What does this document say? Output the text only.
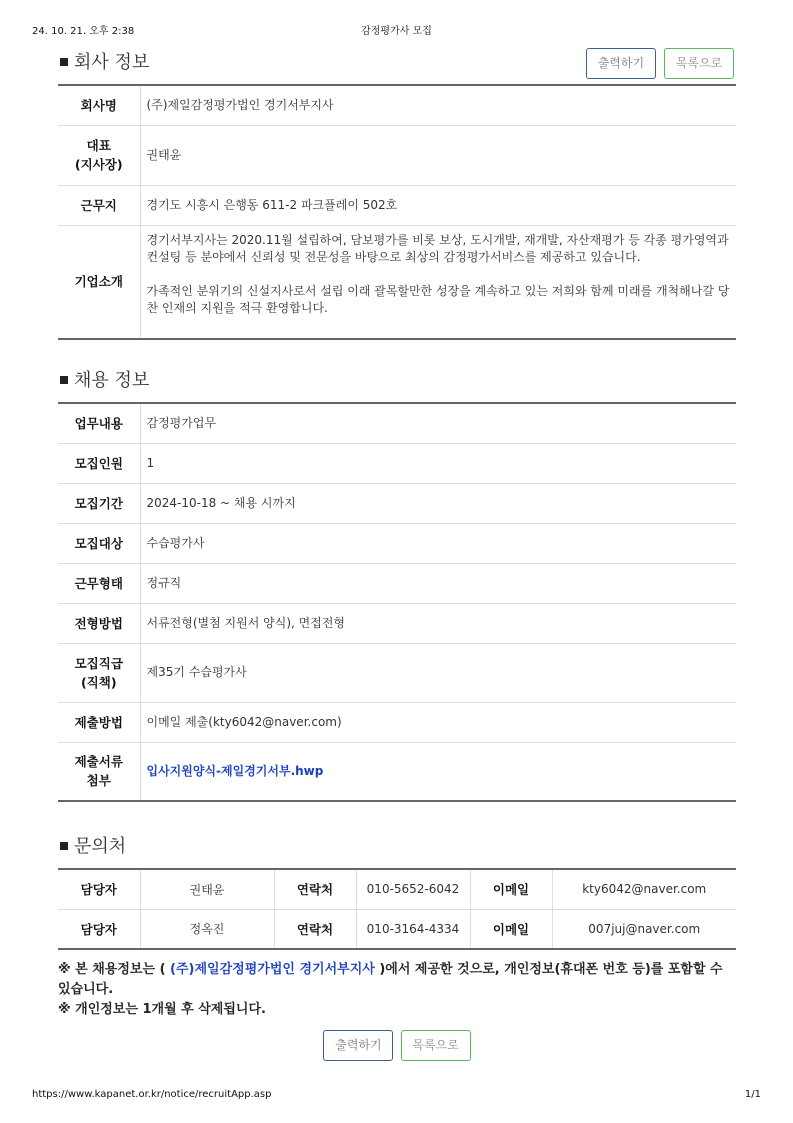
24. 10. 21. 오후 2:38	감정평가사 모집
회사 정보	출력하기	목록으로
회사명	(주)제일감정평가법인 경기서부지사
대표
(지사장)	권태윤
근무지	경기도 시흥시 은행동 611-2 파크플레이 502호
기업소개	경기서부지사는 2020.11월 설립하여, 담보평가를 비롯 보상, 도시개발, 재개발, 자산재평가 등 각종 평가영역과 컨설팅 등 분야에서 신뢰성 및 전문성을 바탕으로 최상의 감정평가서비스를 제공하고 있습니다.

가족적인 분위기의 신설지사로서 설립 이래 괄목할만한 성장을 계속하고 있는 저희와 함께 미래를 개척해나갈 당찬 인재의 지원을 적극 환영합니다.

채용 정보
업무내용	감정평가업무
모집인원	1
모집기간	2024-10-18 ~ 채용 시까지
모집대상	수습평가사
근무형태	정규직
전형방법	서류전형(별첨 지원서 양식), 면접전형
모집직급
(직책)	제35기 수습평가사
제출방법	이메일 제출(kty6042@naver.com)
제출서류
첨부	입사지원양식-제일경기서부.hwp
문의처
담당자	권태윤	연락처	010-5652-6042	이메일	kty6042@naver.com
담당자	정옥진	연락처	010-3164-4334	이메일	007juj@naver.com
※ 본 채용정보는 ( (주)제일감정평가법인 경기서부지사 )에서 제공한 것으로, 개인정보(휴대폰 번호 등)를 포함할 수 있습니다.
※ 개인정보는 1개월 후 삭제됩니다.
출력하기	목록으로
https://www.kapanet.or.kr/notice/recruitApp.asp	1/1
